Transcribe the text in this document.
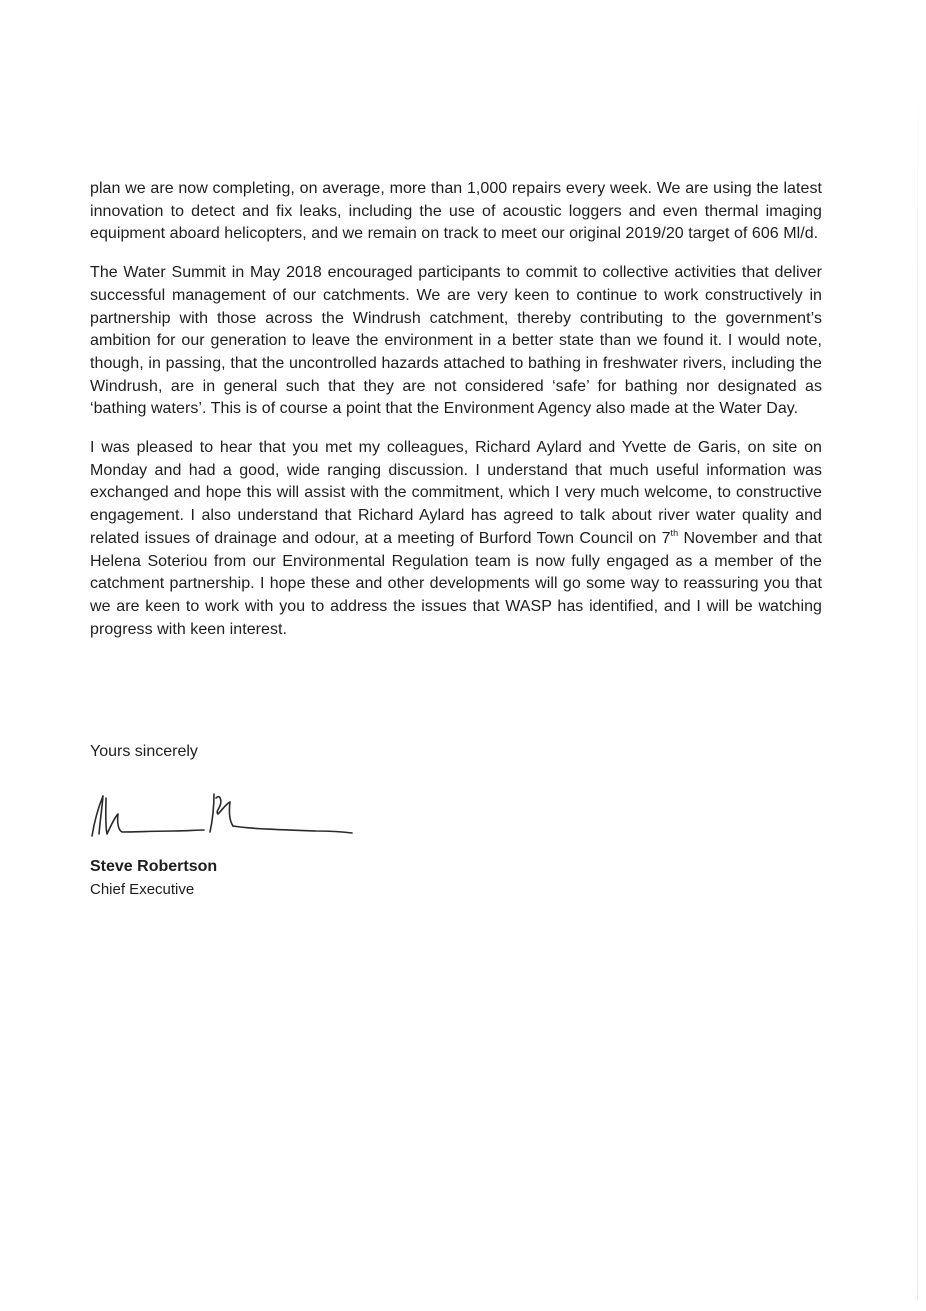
plan we are now completing, on average, more than 1,000 repairs every week. We are using the latest innovation to detect and fix leaks, including the use of acoustic loggers and even thermal imaging equipment aboard helicopters, and we remain on track to meet our original 2019/20 target of 606 Ml/d.

The Water Summit in May 2018 encouraged participants to commit to collective activities that deliver successful management of our catchments. We are very keen to continue to work constructively in partnership with those across the Windrush catchment, thereby contributing to the government’s ambition for our generation to leave the environment in a better state than we found it. I would note, though, in passing, that the uncontrolled hazards attached to bathing in freshwater rivers, including the Windrush, are in general such that they are not considered ‘safe’ for bathing nor designated as ‘bathing waters’. This is of course a point that the Environment Agency also made at the Water Day.

I was pleased to hear that you met my colleagues, Richard Aylard and Yvette de Garis, on site on Monday and had a good, wide ranging discussion. I understand that much useful information was exchanged and hope this will assist with the commitment, which I very much welcome, to constructive engagement. I also understand that Richard Aylard has agreed to talk about river water quality and related issues of drainage and odour, at a meeting of Burford Town Council on 7th November and that Helena Soteriou from our Environmental Regulation team is now fully engaged as a member of the catchment partnership. I hope these and other developments will go some way to reassuring you that we are keen to work with you to address the issues that WASP has identified, and I will be watching progress with keen interest.

Yours sincerely

Steve Robertson

Chief Executive
